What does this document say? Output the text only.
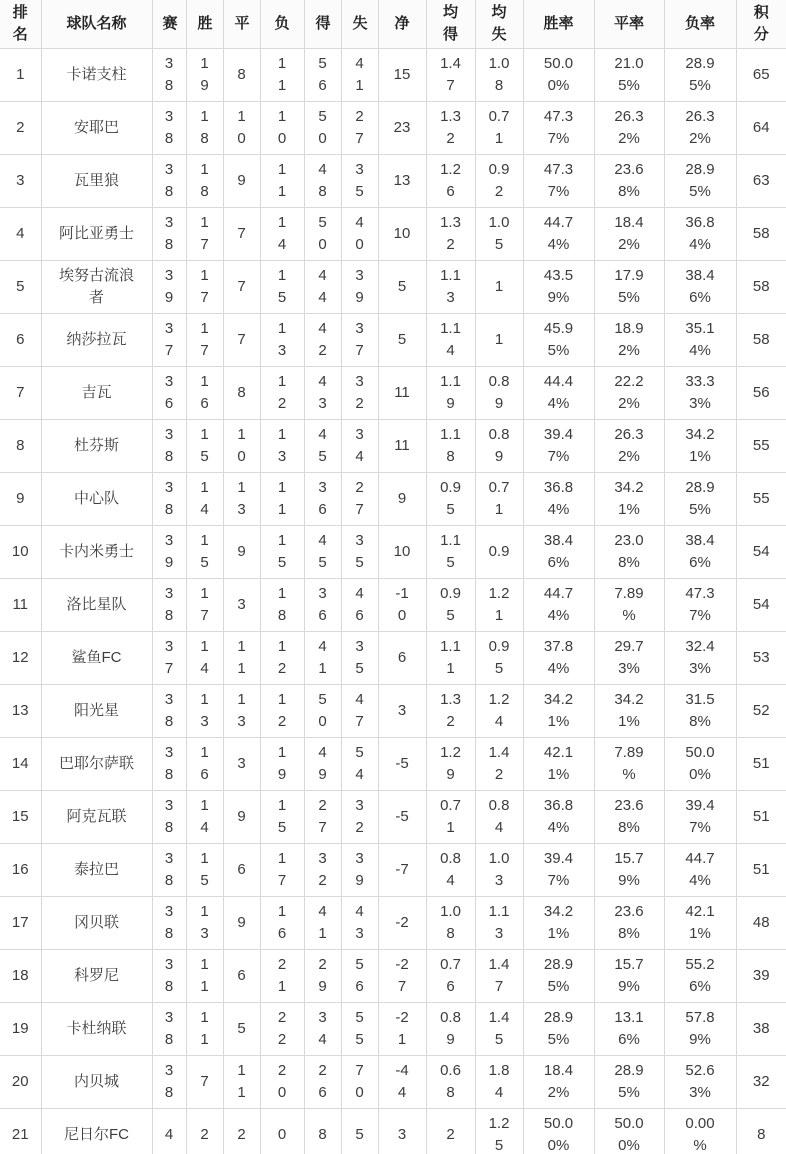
排名	球队名称	赛	胜	平	负	得	失	净	均得	均失	胜率	平率	负率	积分
1	卡诺支柱	38	19	8	11	56	41	15	1.47	1.08	50.00%	21.05%	28.95%	65
2	安耶巴	38	18	10	10	50	27	23	1.32	0.71	47.37%	26.32%	26.32%	64
3	瓦里狼	38	18	9	11	48	35	13	1.26	0.92	47.37%	23.68%	28.95%	63
4	阿比亚勇士	38	17	7	14	50	40	10	1.32	1.05	44.74%	18.42%	36.84%	58
5	埃努古流浪者	39	17	7	15	44	39	5	1.13	1	43.59%	17.95%	38.46%	58
6	纳莎拉瓦	37	17	7	13	42	37	5	1.14	1	45.95%	18.92%	35.14%	58
7	吉瓦	36	16	8	12	43	32	11	1.19	0.89	44.44%	22.22%	33.33%	56
8	杜芬斯	38	15	10	13	45	34	11	1.18	0.89	39.47%	26.32%	34.21%	55
9	中心队	38	14	13	11	36	27	9	0.95	0.71	36.84%	34.21%	28.95%	55
10	卡内米勇士	39	15	9	15	45	35	10	1.15	0.9	38.46%	23.08%	38.46%	54
11	洛比星队	38	17	3	18	36	46	-10	0.95	1.21	44.74%	7.89%	47.37%	54
12	鲨鱼FC	37	14	11	12	41	35	6	1.11	0.95	37.84%	29.73%	32.43%	53
13	阳光星	38	13	13	12	50	47	3	1.32	1.24	34.21%	34.21%	31.58%	52
14	巴耶尔萨联	38	16	3	19	49	54	-5	1.29	1.42	42.11%	7.89%	50.00%	51
15	阿克瓦联	38	14	9	15	27	32	-5	0.71	0.84	36.84%	23.68%	39.47%	51
16	泰拉巴	38	15	6	17	32	39	-7	0.84	1.03	39.47%	15.79%	44.74%	51
17	冈贝联	38	13	9	16	41	43	-2	1.08	1.13	34.21%	23.68%	42.11%	48
18	科罗尼	38	11	6	21	29	56	-27	0.76	1.47	28.95%	15.79%	55.26%	39
19	卡杜纳联	38	11	5	22	34	55	-21	0.89	1.45	28.95%	13.16%	57.89%	38
20	内贝城	38	7	11	20	26	70	-44	0.68	1.84	18.42%	28.95%	52.63%	32
21	尼日尔FC	4	2	2	0	8	5	3	2	1.25	50.00%	50.00%	0.00%	8
